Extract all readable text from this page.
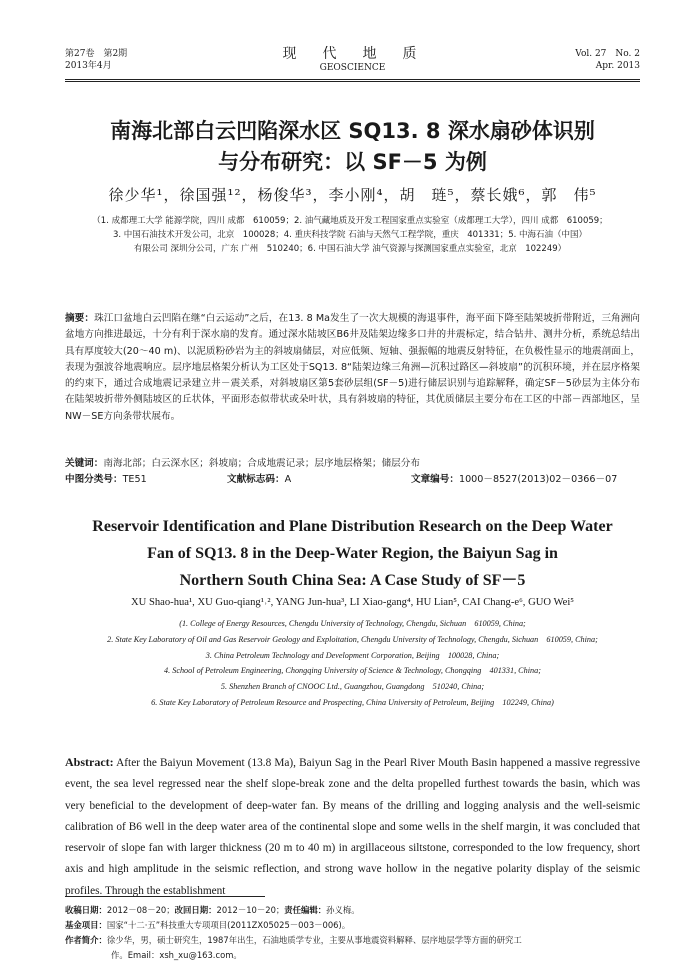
第27卷　第2期
2013年4月
现　代　地　质
GEOSCIENCE
Vol. 27　No. 2
Apr. 2013
南海北部白云凹陷深水区 SQ13. 8 深水扇砂体识别
与分布研究：以 SF－5 为例
徐少华¹，徐国强¹²，杨俊华³，李小刚⁴，胡　琏⁵，蔡长娥⁶，郭　伟⁵
（1. 成都理工大学 能源学院，四川 成都　610059；2. 油气藏地质及开发工程国家重点实验室（成都理工大学），四川 成都　610059；
3. 中国石油技术开发公司，北京　100028；4. 重庆科技学院 石油与天然气工程学院，重庆　401331；5. 中海石油（中国）
有限公司 深圳分公司，广东 广州　510240；6. 中国石油大学 油气资源与探测国家重点实验室，北京　102249）
摘要：珠江口盆地白云凹陷在继“白云运动”之后，在13. 8 Ma发生了一次大规模的海退事件，海平面下降至陆架坡折带附近，三角洲向盆地方向推进最远，十分有利于深水扇的发育。通过深水陆坡区B6井及陆架边缘多口井的井震标定，结合钻井、测井分析，系统总结出具有厚度较大(20～40 m)、以泥质粉砂岩为主的斜坡扇储层，对应低频、短轴、强振幅的地震反射特征，在负极性显示的地震剖面上，表现为强波谷地震响应。层序地层格架分析认为工区处于SQ13. 8“陆架边缘三角洲—沉积过路区—斜坡扇”的沉积环境，并在层序格架的约束下，通过合成地震记录建立井－震关系，对斜坡扇区第5套砂层组(SF－5)进行储层识别与追踪解释，确定SF－5砂层为主体分布在陆架坡折带外侧陆坡区的丘状体，平面形态似带状或朵叶状，具有斜坡扇的特征，其优质储层主要分布在工区的中部－西部地区，呈NW－SE方向条带状展布。
关键词：南海北部；白云深水区；斜坡扇；合成地震记录；层序地层格架；储层分布
中图分类号：TE51	文献标志码：A	文章编号：1000－8527(2013)02－0366－07
Reservoir Identification and Plane Distribution Research on the Deep Water
Fan of SQ13. 8 in the Deep-Water Region, the Baiyun Sag in
Northern South China Sea: A Case Study of SF－5
XU Shao-hua¹, XU Guo-qiang¹˒², YANG Jun-hua³, LI Xiao-gang⁴, HU Lian⁵, CAI Chang-e⁶, GUO Wei⁵
(1. College of Energy Resources, Chengdu University of Technology, Chengdu, Sichuan　610059, China;
2. State Key Laboratory of Oil and Gas Reservoir Geology and Exploitation, Chengdu University of Technology, Chengdu, Sichuan　610059, China;
3. China Petroleum Technology and Development Corporation, Beijing　100028, China;
4. School of Petroleum Engineering, Chongqing University of Science & Technology, Chongqing　401331, China;
5. Shenzhen Branch of CNOOC Ltd., Guangzhou, Guangdong　510240, China;
6. State Key Laboratory of Petroleum Resource and Prospecting, China University of Petroleum, Beijing　102249, China)
Abstract: After the Baiyun Movement (13.8 Ma), Baiyun Sag in the Pearl River Mouth Basin happened a massive regressive event, the sea level regressed near the shelf slope-break zone and the delta propelled furthest towards the basin, which was very beneficial to the development of deep-water fan. By means of the drilling and logging analysis and the well-seismic calibration of B6 well in the deep water area of the continental slope and some wells in the shelf margin, it was concluded that reservoir of slope fan with larger thickness (20 m to 40 m) in argillaceous siltstone, corresponded to the low frequency, short axis and high amplitude in the seismic reflection, and strong wave hollow in the negative polarity display of the seismic profiles. Through the establishment
收稿日期：2012－08－20；改回日期：2012－10－20；责任编辑：孙义梅。
基金项目：国家“十二·五”科技重大专项项目(2011ZX05025－003－006)。
作者简介：徐少华，男，硕士研究生，1987年出生，石油地质学专业，主要从事地震资料解释、层序地层学等方面的研究工
作。Email：xsh_xu@163.com。
